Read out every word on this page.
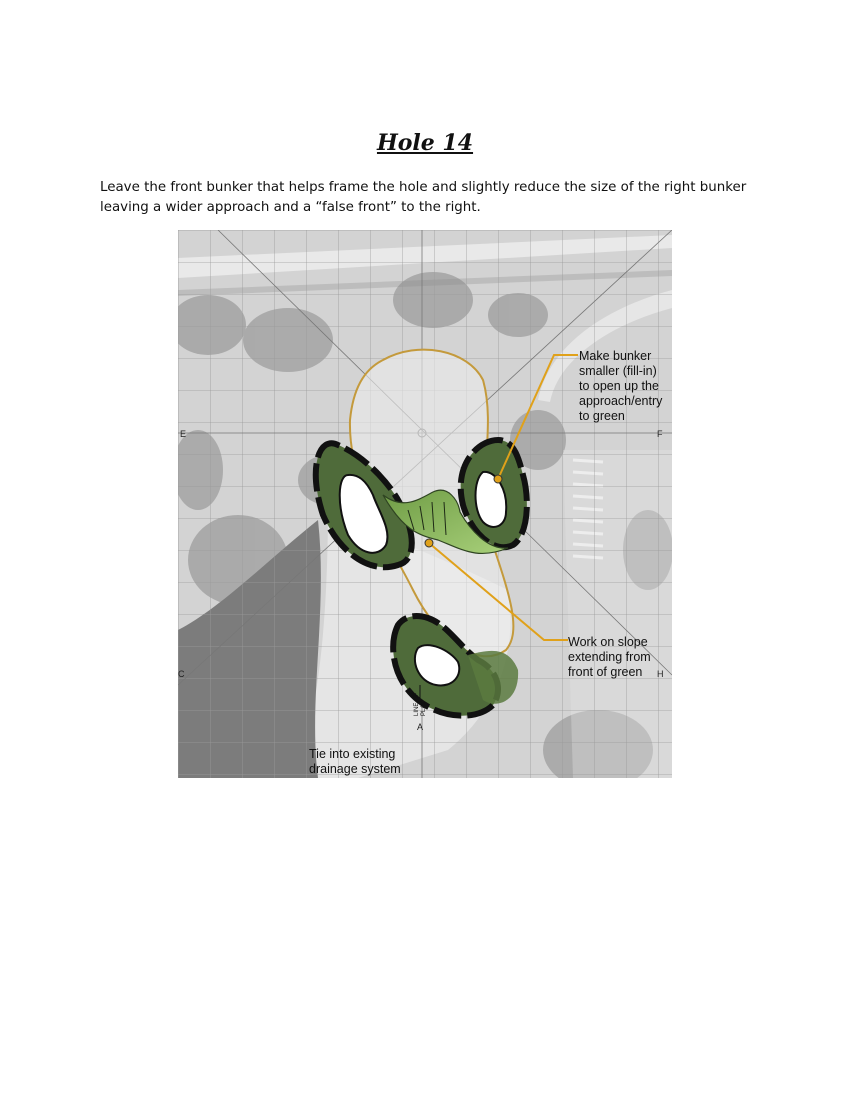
Hole 14
Leave the front bunker that helps frame the hole and slightly reduce the size of the right bunker leaving a wider approach and a “false front” to the right.
Make bunker smaller (fill-in) to open up the approach/entry to green
Work on slope extending from front of green
Tie into existing drainage system
LINE OF PLAY
E	F
C	H
A
